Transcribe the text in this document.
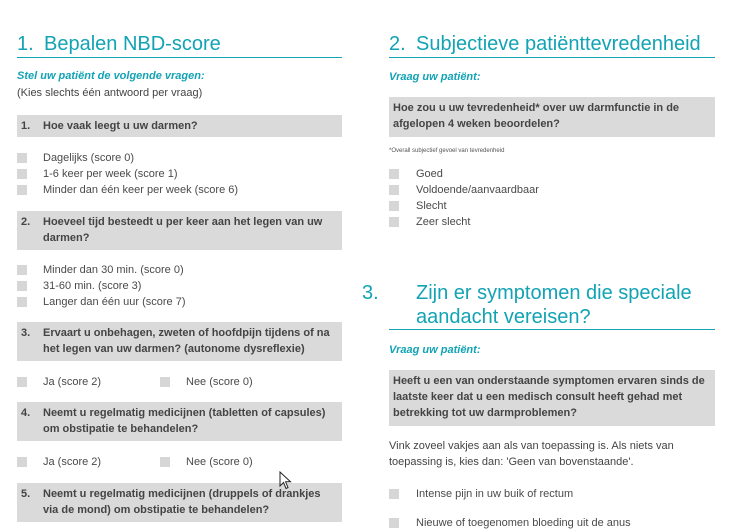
1. Bepalen NBD-score
Stel uw patiënt de volgende vragen:
(Kies slechts één antwoord per vraag)
1. Hoe vaak leegt u uw darmen?
Dagelijks (score 0)
1-6 keer per week (score 1)
Minder dan één keer per week (score 6)
2. Hoeveel tijd besteedt u per keer aan het legen van uw darmen?
Minder dan 30 min. (score 0)
31-60 min. (score 3)
Langer dan één uur (score 7)
3. Ervaart u onbehagen, zweten of hoofdpijn tijdens of na het legen van uw darmen? (autonome dysreflexie)
Ja (score 2)	Nee (score 0)
4. Neemt u regelmatig medicijnen (tabletten of capsules) om obstipatie te behandelen?
Ja (score 2)	Nee (score 0)
5. Neemt u regelmatig medicijnen (druppels of drankjes via de mond) om obstipatie te behandelen?
2. Subjectieve patiënttevredenheid
Vraag uw patiënt:
Hoe zou u uw tevredenheid* over uw darmfunctie in de afgelopen 4 weken beoordelen?
*Overall subjectief gevoel van tevredenheid
Goed
Voldoende/aanvaardbaar
Slecht
Zeer slecht
3. Zijn er symptomen die speciale aandacht vereisen?
Vraag uw patiënt:
Heeft u een van onderstaande symptomen ervaren sinds de laatste keer dat u een medisch consult heeft gehad met betrekking tot uw darmproblemen?
Vink zoveel vakjes aan als van toepassing is. Als niets van toepassing is, kies dan: 'Geen van bovenstaande'.
Intense pijn in uw buik of rectum
Nieuwe of toegenomen bloeding uit de anus
